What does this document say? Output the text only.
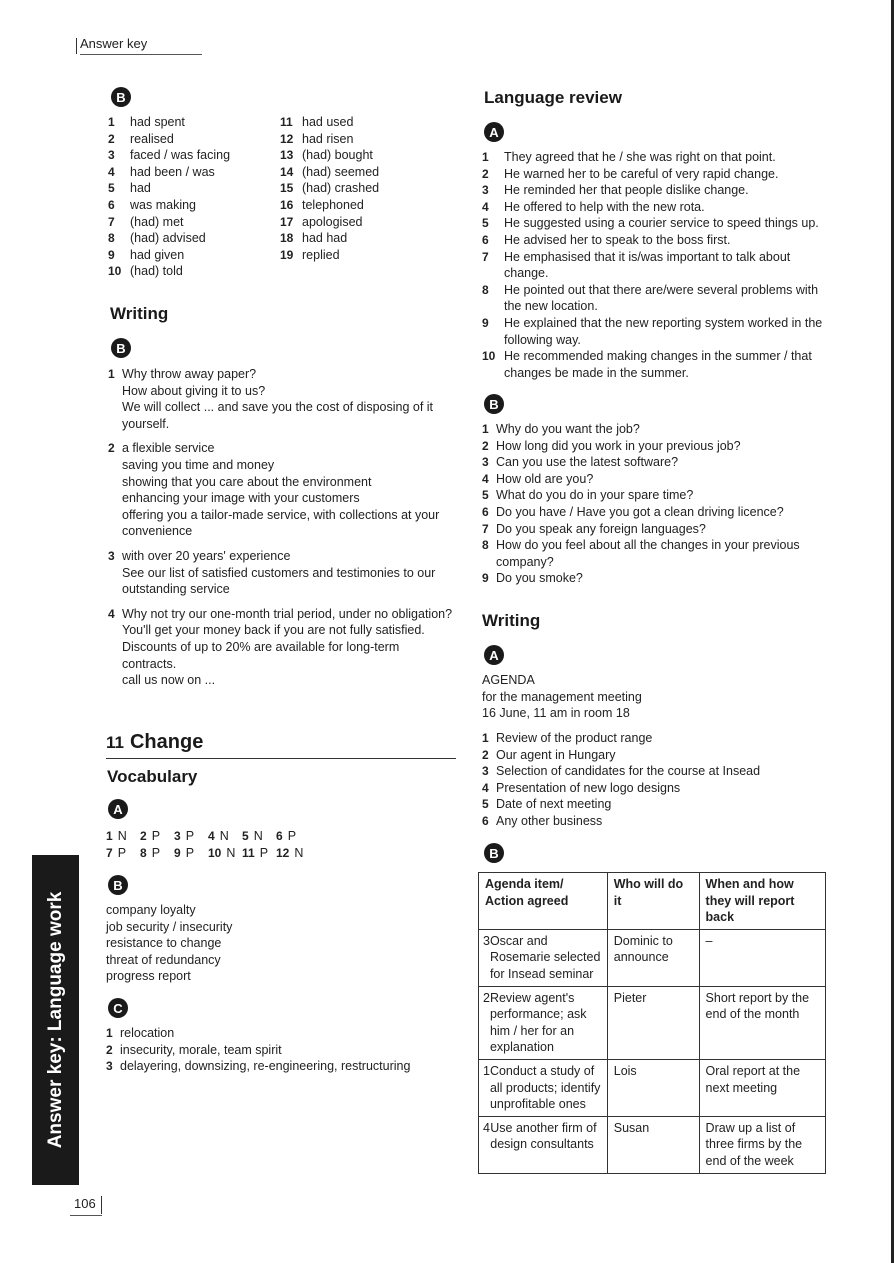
Answer key
B
1	had spent
2	realised
3	faced / was facing
4	had been / was
5	had
6	was making
7	(had) met
8	(had) advised
9	had given
10 (had) told
11 had used
12 had risen
13 (had) bought
14 (had) seemed
15 (had) crashed
16 telephoned
17 apologised
18 had had
19 replied
Writing
B
1 Why throw away paper?
How about giving it to us?
We will collect ... and save you the cost of disposing of it yourself.
2 a flexible service
saving you time and money
showing that you care about the environment
enhancing your image with your customers
offering you a tailor-made service, with collections at your convenience
3 with over 20 years' experience
See our list of satisfied customers and testimonies to our outstanding service
4 Why not try our one-month trial period, under no obligation?
You'll get your money back if you are not fully satisfied.
Discounts of up to 20% are available for long-term contracts.
call us now on ...
11 Change
Vocabulary
A
1 N 2 P 3 P 4 N 5 N 6 P
7 P 8 P 9 P 10 N 11 P 12 N
B
company loyalty
job security / insecurity
resistance to change
threat of redundancy
progress report
C
1 relocation
2 insecurity, morale, team spirit
3 delayering, downsizing, re-engineering, restructuring
Answer key: Language work
106
Language review
A
1	They agreed that he / she was right on that point.
2	He warned her to be careful of very rapid change.
3	He reminded her that people dislike change.
4	He offered to help with the new rota.
5	He suggested using a courier service to speed things up.
6	He advised her to speak to the boss first.
7	He emphasised that it is/was important to talk about change.
8	He pointed out that there are/were several problems with the new location.
9	He explained that the new reporting system worked in the following way.
10 He recommended making changes in the summer / that changes be made in the summer.
B
1 Why do you want the job?
2 How long did you work in your previous job?
3 Can you use the latest software?
4 How old are you?
5 What do you do in your spare time?
6 Do you have / Have you got a clean driving licence?
7 Do you speak any foreign languages?
8 How do you feel about all the changes in your previous company?
9 Do you smoke?
Writing
A
AGENDA
for the management meeting
16 June, 11 am in room 18
1 Review of the product range
2 Our agent in Hungary
3 Selection of candidates for the course at Insead
4 Presentation of new logo designs
5 Date of next meeting
6 Any other business
B
Agenda item/ Action agreed	Who will do it	When and how they will report back

3 Oscar and Rosemarie selected for Insead seminar	Dominic to announce	–

2 Review agent's performance; ask him / her for an explanation	Pieter	Short report by the end of the month

1 Conduct a study of all products; identify unprofitable ones	Lois	Oral report at the next meeting

4 Use another firm of design consultants	Susan	Draw up a list of three firms by the end of the week
